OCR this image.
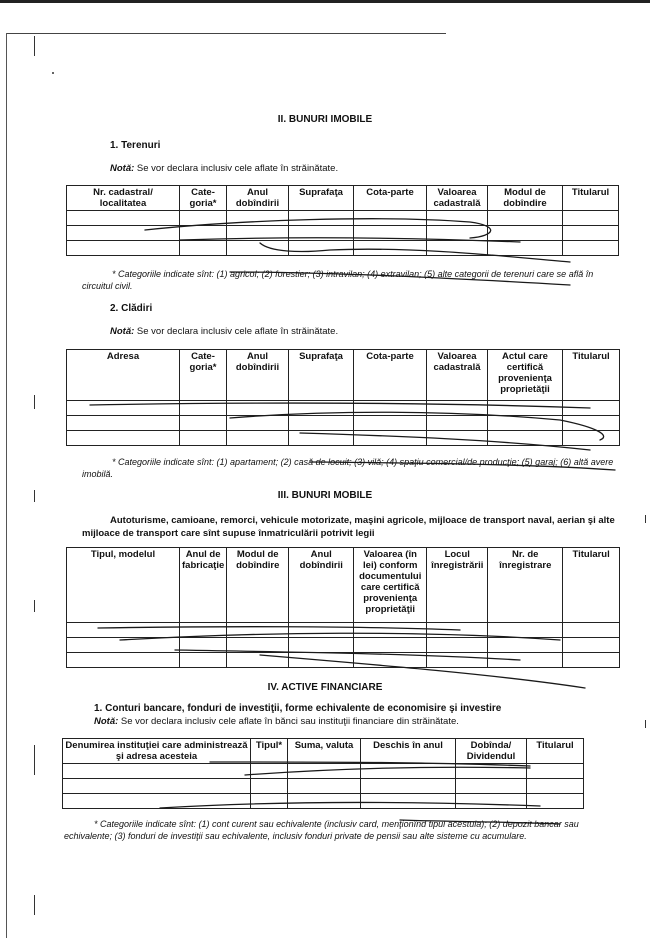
II. BUNURI IMOBILE
1. Terenuri
Notă: Se vor declara inclusiv cele aflate în străinătate.
Nr. cadastral/ localitatea	Cate- goria*	Anul dobîndirii	Suprafaţa	Cota-parte	Valoarea cadastrală	Modul de dobîndire	Titularul

* Categoriile indicate sînt: (1) agricol; (2) forestier; (3) intravilan; (4) extravilan; (5) alte categorii de terenuri care se află în circuitul civil.
2. Clădiri
Notă: Se vor declara inclusiv cele aflate în străinătate.
Adresa	Cate- goria*	Anul dobîndirii	Suprafaţa	Cota-parte	Valoarea cadastrală	Actul care certifică provenienţa proprietăţii	Titularul

* Categoriile indicate sînt: (1) apartament; (2) casă de locuit; (3) vilă; (4) spaţiu comercial/de producţie; (5) garaj; (6) altă avere imobilă.
III. BUNURI MOBILE
Autoturisme, camioane, remorci, vehicule motorizate, maşini agricole, mijloace de transport naval, aerian şi alte mijloace de transport care sînt supuse înmatriculării potrivit legii
Tipul, modelul	Anul de fabricaţie	Modul de dobîndire	Anul dobîndirii	Valoarea (în lei) conform documentului care certifică provenienţa proprietăţii	Locul înregistrării	Nr. de înregistrare	Titularul

IV. ACTIVE FINANCIARE
1. Conturi bancare, fonduri de investiţii, forme echivalente de economisire şi investire
Notă: Se vor declara inclusiv cele aflate în bănci sau instituţii financiare din străinătate.
Denumirea instituţiei care administrează şi adresa acesteia	Tipul*	Suma, valuta	Deschis în anul	Dobînda/ Dividendul	Titularul

* Categoriile indicate sînt: (1) cont curent sau echivalente (inclusiv card, menţionînd tipul acestuia); (2) depozit bancar sau echivalente; (3) fonduri de investiţii sau echivalente, inclusiv fonduri private de pensii sau alte sisteme cu acumulare.
